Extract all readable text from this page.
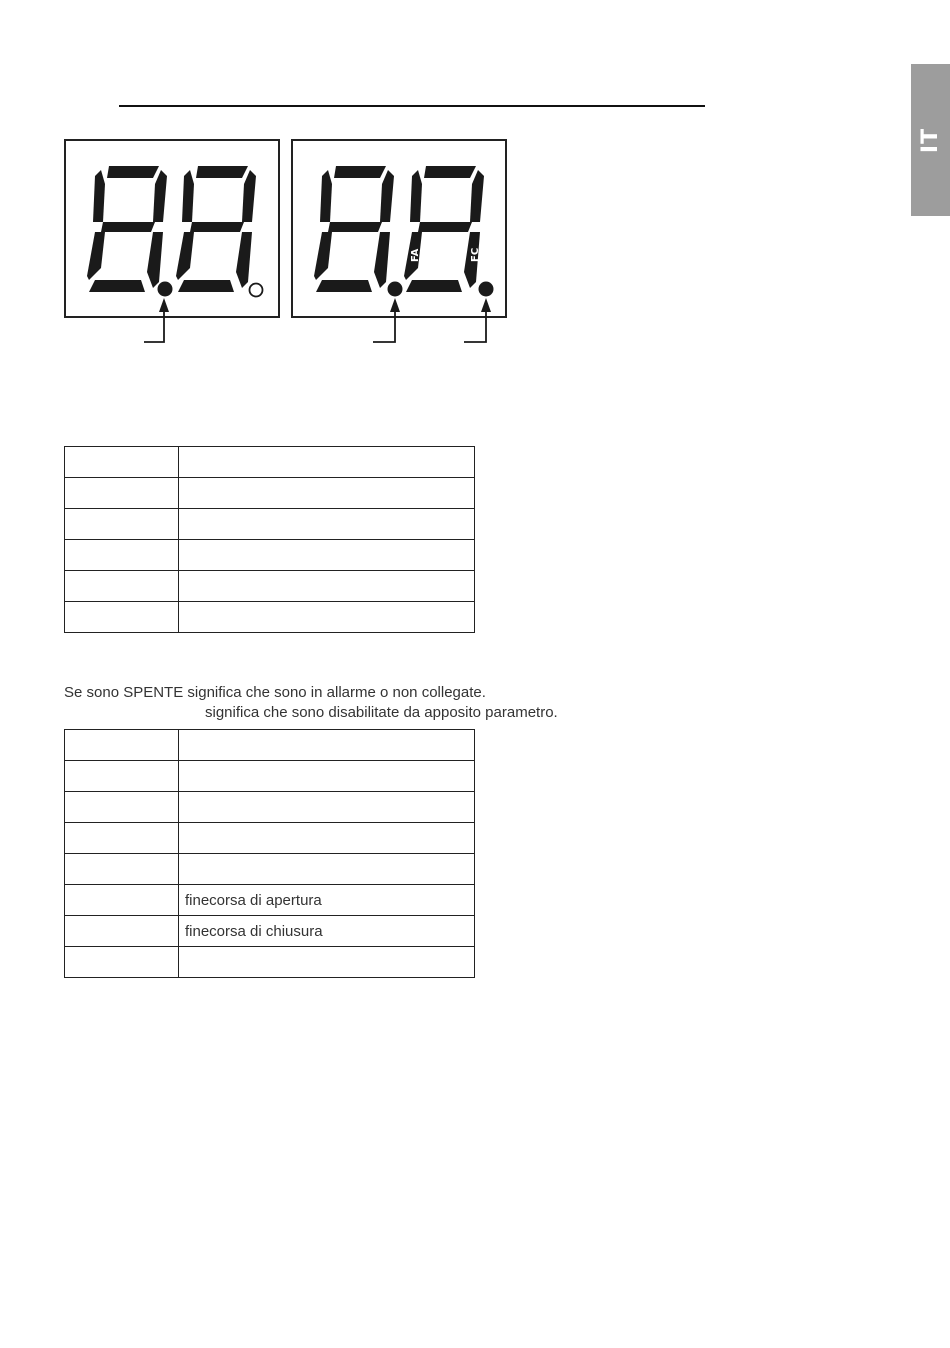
IT
FA	FC

Se sono SPENTE significa che sono in allarme o non collegate.
significa che sono disabilitate da apposito parametro.

	finecorsa di apertura
	finecorsa di chiusura
